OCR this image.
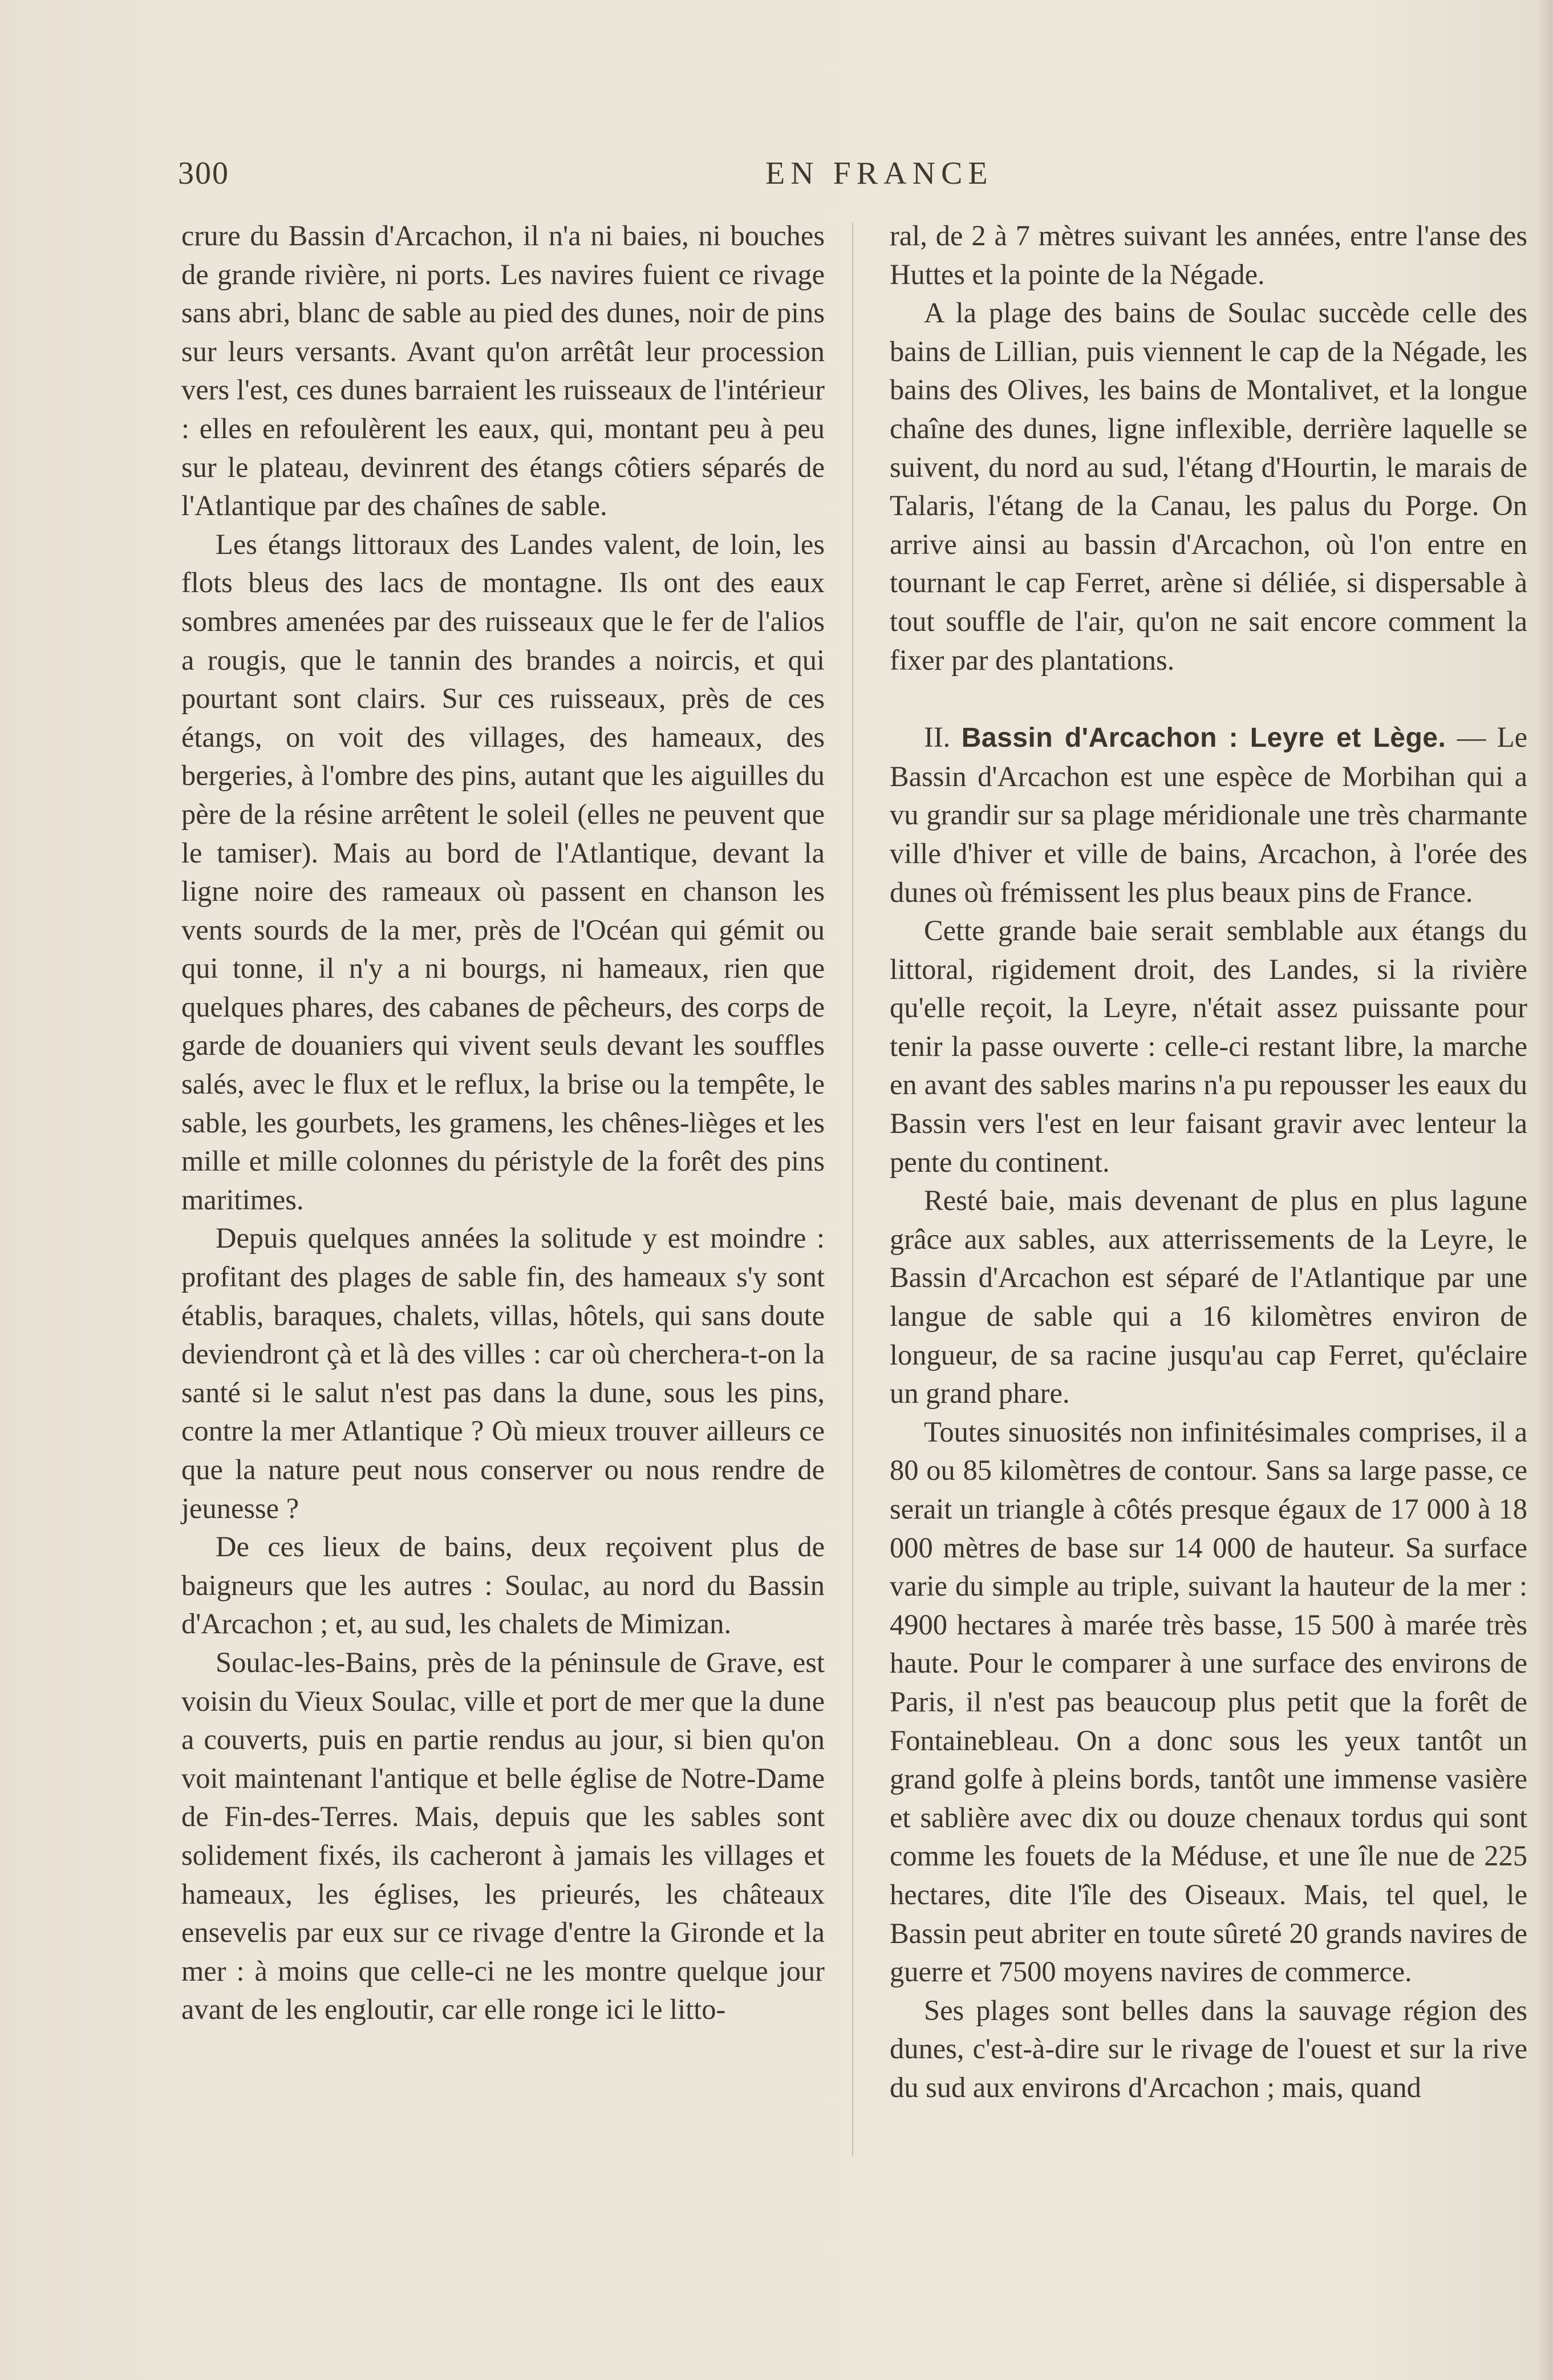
300	EN FRANCE

crure du Bassin d'Arcachon, il n'a ni baies, ni bouches de grande rivière, ni ports. Les navires fuient ce rivage sans abri, blanc de sable au pied des dunes, noir de pins sur leurs versants. Avant qu'on arrêtât leur procession vers l'est, ces dunes barraient les ruisseaux de l'intérieur : elles en refoulèrent les eaux, qui, montant peu à peu sur le plateau, devinrent des étangs côtiers séparés de l'Atlantique par des chaînes de sable.

Les étangs littoraux des Landes valent, de loin, les flots bleus des lacs de montagne. Ils ont des eaux sombres amenées par des ruisseaux que le fer de l'alios a rougis, que le tannin des brandes a noircis, et qui pourtant sont clairs. Sur ces ruisseaux, près de ces étangs, on voit des villages, des hameaux, des bergeries, à l'ombre des pins, autant que les aiguilles du père de la résine arrêtent le soleil (elles ne peuvent que le tamiser). Mais au bord de l'Atlantique, devant la ligne noire des rameaux où passent en chanson les vents sourds de la mer, près de l'Océan qui gémit ou qui tonne, il n'y a ni bourgs, ni hameaux, rien que quelques phares, des cabanes de pêcheurs, des corps de garde de douaniers qui vivent seuls devant les souffles salés, avec le flux et le reflux, la brise ou la tempête, le sable, les gourbets, les gramens, les chênes-lièges et les mille et mille colonnes du péristyle de la forêt des pins maritimes.

Depuis quelques années la solitude y est moindre : profitant des plages de sable fin, des hameaux s'y sont établis, baraques, chalets, villas, hôtels, qui sans doute deviendront çà et là des villes : car où cherchera-t-on la santé si le salut n'est pas dans la dune, sous les pins, contre la mer Atlantique ? Où mieux trouver ailleurs ce que la nature peut nous conserver ou nous rendre de jeunesse ?

De ces lieux de bains, deux reçoivent plus de baigneurs que les autres : Soulac, au nord du Bassin d'Arcachon ; et, au sud, les chalets de Mimizan.

Soulac-les-Bains, près de la péninsule de Grave, est voisin du Vieux Soulac, ville et port de mer que la dune a couverts, puis en partie rendus au jour, si bien qu'on voit maintenant l'antique et belle église de Notre-Dame de Fin-des-Terres. Mais, depuis que les sables sont solidement fixés, ils cacheront à jamais les villages et hameaux, les églises, les prieurés, les châteaux ensevelis par eux sur ce rivage d'entre la Gironde et la mer : à moins que celle-ci ne les montre quelque jour avant de les engloutir, car elle ronge ici le litto-

ral, de 2 à 7 mètres suivant les années, entre l'anse des Huttes et la pointe de la Négade.

A la plage des bains de Soulac succède celle des bains de Lillian, puis viennent le cap de la Négade, les bains des Olives, les bains de Montalivet, et la longue chaîne des dunes, ligne inflexible, derrière laquelle se suivent, du nord au sud, l'étang d'Hourtin, le marais de Talaris, l'étang de la Canau, les palus du Porge. On arrive ainsi au bassin d'Arcachon, où l'on entre en tournant le cap Ferret, arène si déliée, si dispersable à tout souffle de l'air, qu'on ne sait encore comment la fixer par des plantations.

II. Bassin d'Arcachon : Leyre et Lège. — Le Bassin d'Arcachon est une espèce de Morbihan qui a vu grandir sur sa plage méridionale une très charmante ville d'hiver et ville de bains, Arcachon, à l'orée des dunes où frémissent les plus beaux pins de France.

Cette grande baie serait semblable aux étangs du littoral, rigidement droit, des Landes, si la rivière qu'elle reçoit, la Leyre, n'était assez puissante pour tenir la passe ouverte : celle-ci restant libre, la marche en avant des sables marins n'a pu repousser les eaux du Bassin vers l'est en leur faisant gravir avec lenteur la pente du continent.

Resté baie, mais devenant de plus en plus lagune grâce aux sables, aux atterrissements de la Leyre, le Bassin d'Arcachon est séparé de l'Atlantique par une langue de sable qui a 16 kilomètres environ de longueur, de sa racine jusqu'au cap Ferret, qu'éclaire un grand phare.

Toutes sinuosités non infinitésimales comprises, il a 80 ou 85 kilomètres de contour. Sans sa large passe, ce serait un triangle à côtés presque égaux de 17 000 à 18 000 mètres de base sur 14 000 de hauteur. Sa surface varie du simple au triple, suivant la hauteur de la mer : 4900 hectares à marée très basse, 15 500 à marée très haute. Pour le comparer à une surface des environs de Paris, il n'est pas beaucoup plus petit que la forêt de Fontainebleau. On a donc sous les yeux tantôt un grand golfe à pleins bords, tantôt une immense vasière et sablière avec dix ou douze chenaux tordus qui sont comme les fouets de la Méduse, et une île nue de 225 hectares, dite l'île des Oiseaux. Mais, tel quel, le Bassin peut abriter en toute sûreté 20 grands navires de guerre et 7500 moyens navires de commerce.

Ses plages sont belles dans la sauvage région des dunes, c'est-à-dire sur le rivage de l'ouest et sur la rive du sud aux environs d'Arcachon ; mais, quand
